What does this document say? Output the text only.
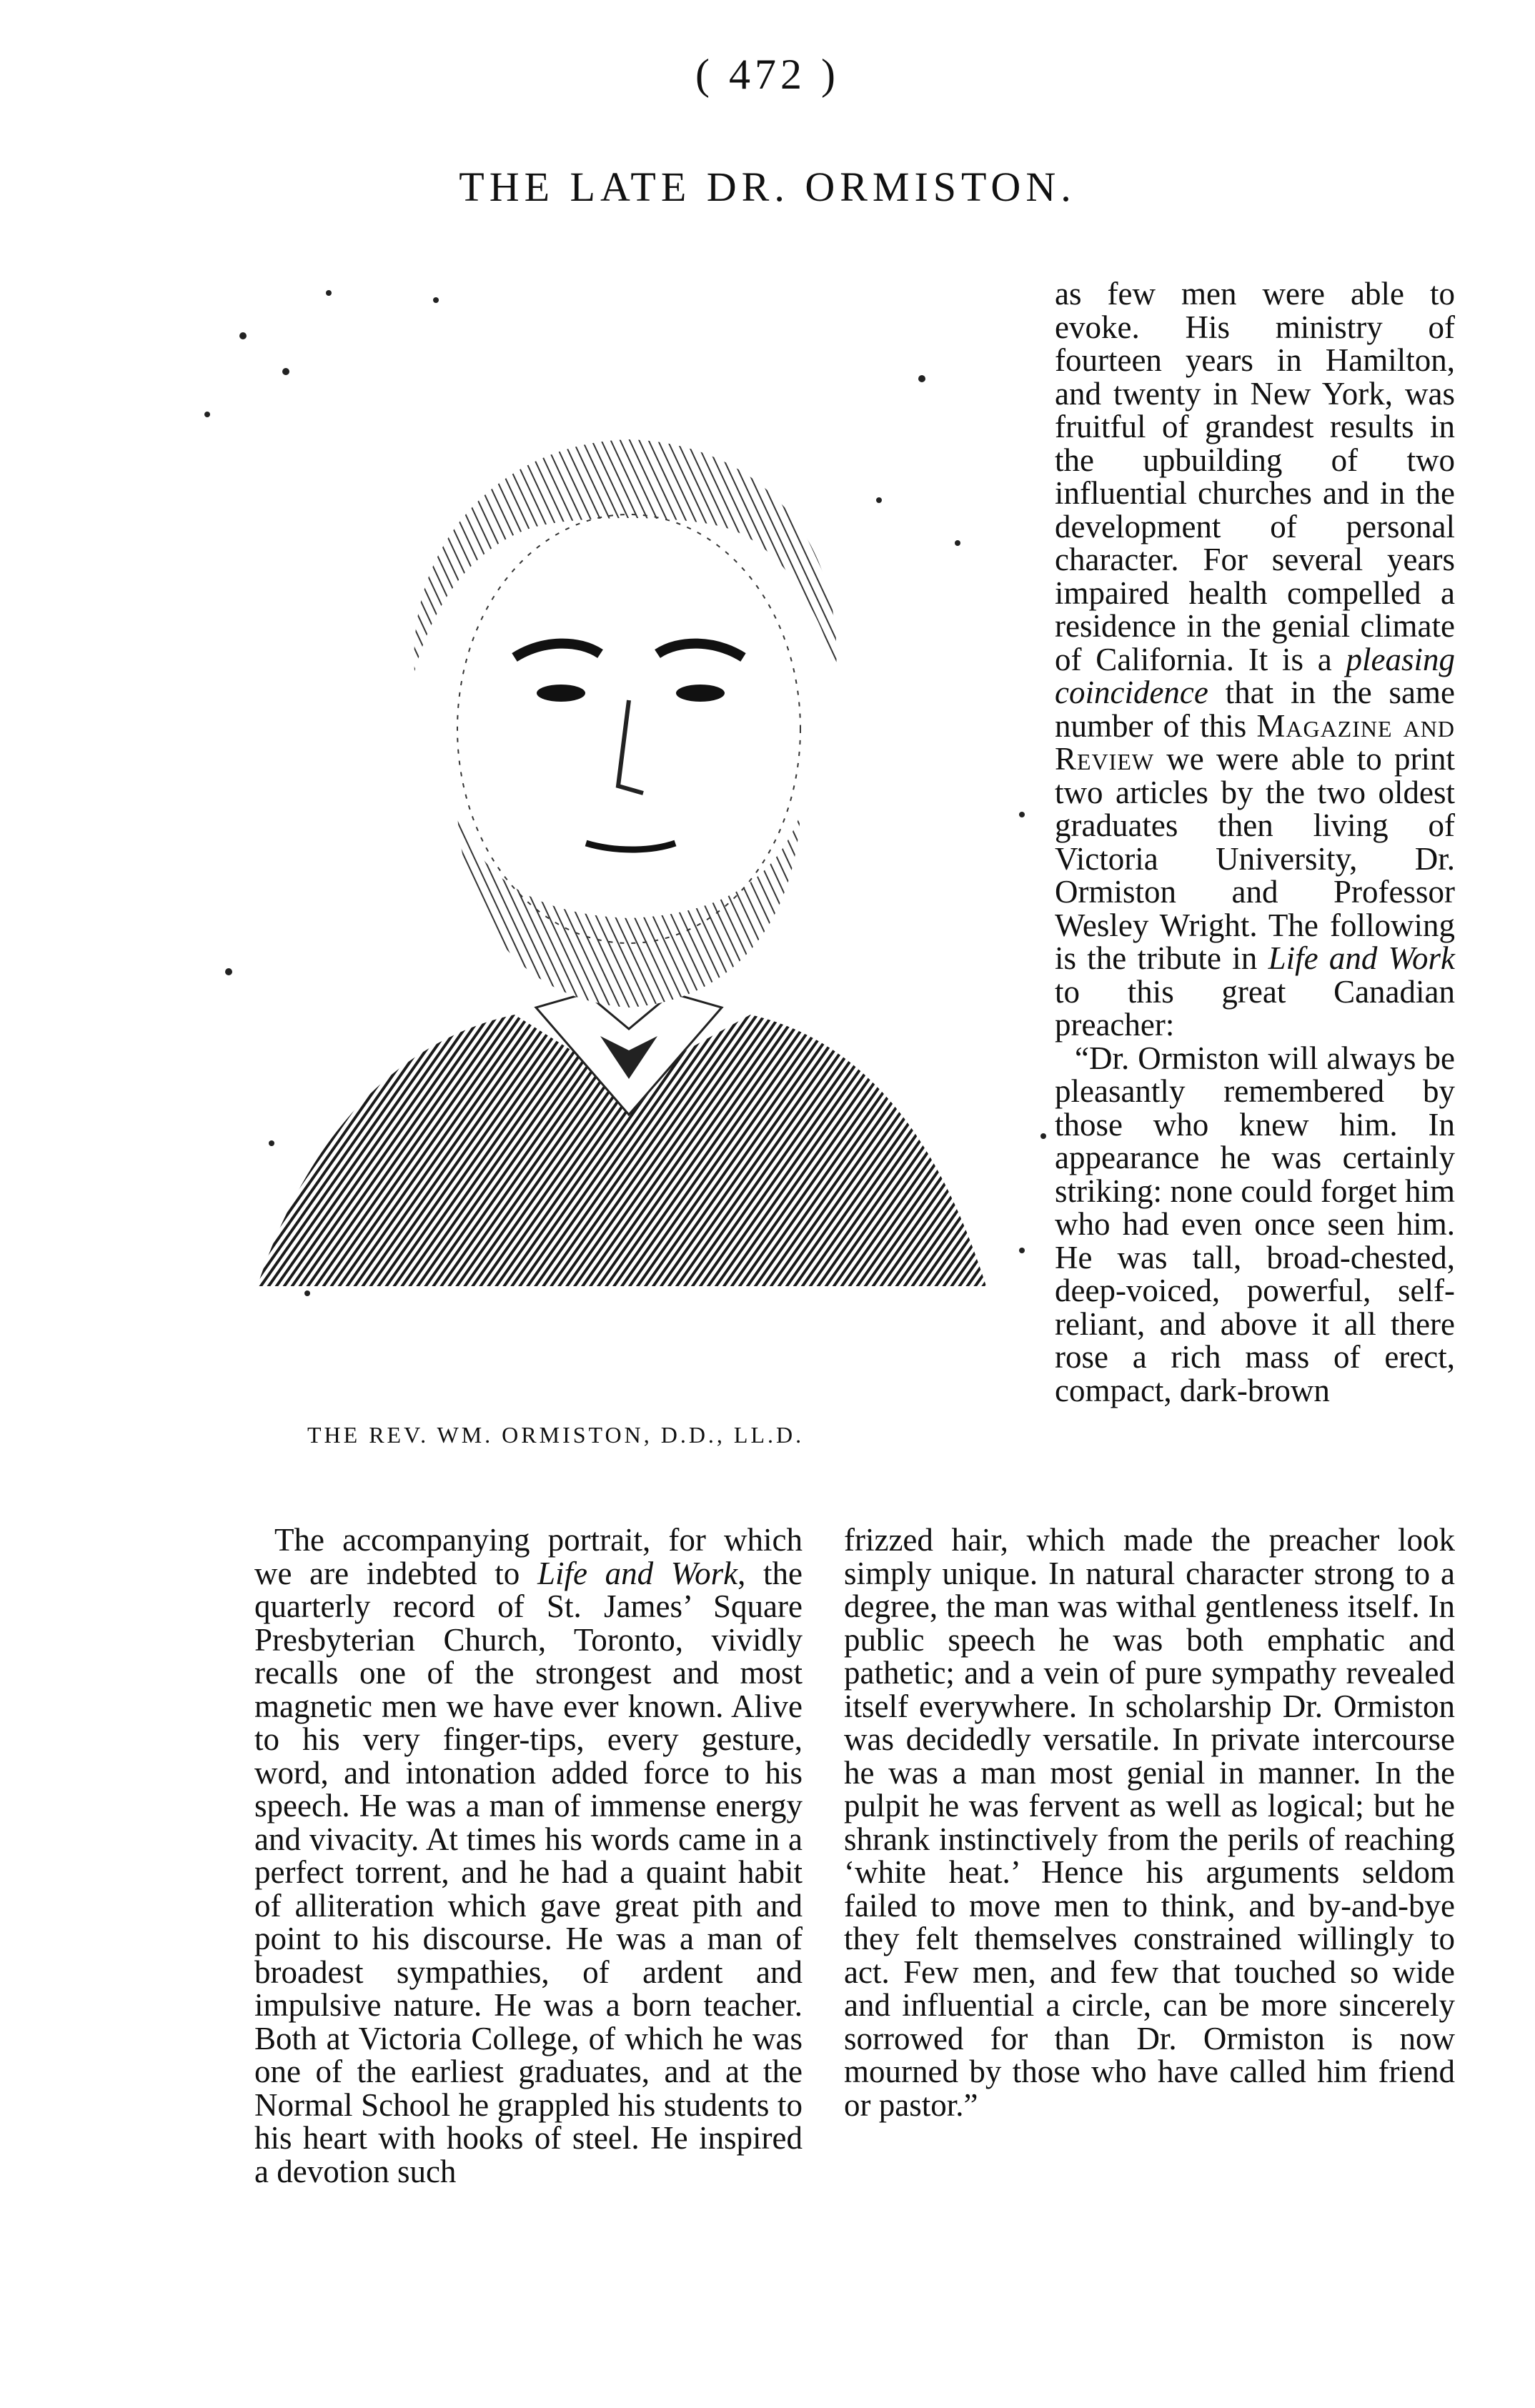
( 472 )
THE LATE DR. ORMISTON.
THE REV. WM. ORMISTON, D.D., LL.D.

as few men were able to evoke. His ministry of fourteen years in Hamilton, and twenty in New York, was fruitful of grandest results in the upbuilding of two influential churches and in the development of personal character. For several years impaired health compelled a residence in the genial climate of California. It is a pleasing coincidence that in the same number of this Magazine and Review we were able to print two articles by the two oldest graduates then living of Victoria University, Dr. Ormiston and Professor Wesley Wright. The following is the tribute in Life and Work to this great Canadian preacher:

“Dr. Ormiston will always be pleasantly remembered by those who knew him. In appearance he was certainly striking: none could forget him who had even once seen him. He was tall, broad-chested, deep-voiced, powerful, self-reliant, and above it all there rose a rich mass of erect, compact, dark-brown

frizzed hair, which made the preacher look simply unique. In natural character strong to a degree, the man was withal gentleness itself. In public speech he was both emphatic and pathetic; and a vein of pure sympathy revealed itself everywhere. In scholarship Dr. Ormiston was decidedly versatile. In private intercourse he was a man most genial in manner. In the pulpit he was fervent as well as logical; but he shrank instinctively from the perils of reaching ‘white heat.’ Hence his arguments seldom failed to move men to think, and by-and-bye they felt themselves constrained willingly to act. Few men, and few that touched so wide and influential a circle, can be more sincerely sorrowed for than Dr. Ormiston is now mourned by those who have called him friend or pastor.”

The accompanying portrait, for which we are indebted to Life and Work, the quarterly record of St. James’ Square Presbyterian Church, Toronto, vividly recalls one of the strongest and most magnetic men we have ever known. Alive to his very finger-tips, every gesture, word, and intonation added force to his speech. He was a man of immense energy and vivacity. At times his words came in a perfect torrent, and he had a quaint habit of alliteration which gave great pith and point to his discourse. He was a man of broadest sympathies, of ardent and impulsive nature. He was a born teacher. Both at Victoria College, of which he was one of the earliest graduates, and at the Normal School he grappled his students to his heart with hooks of steel. He inspired a devotion such
